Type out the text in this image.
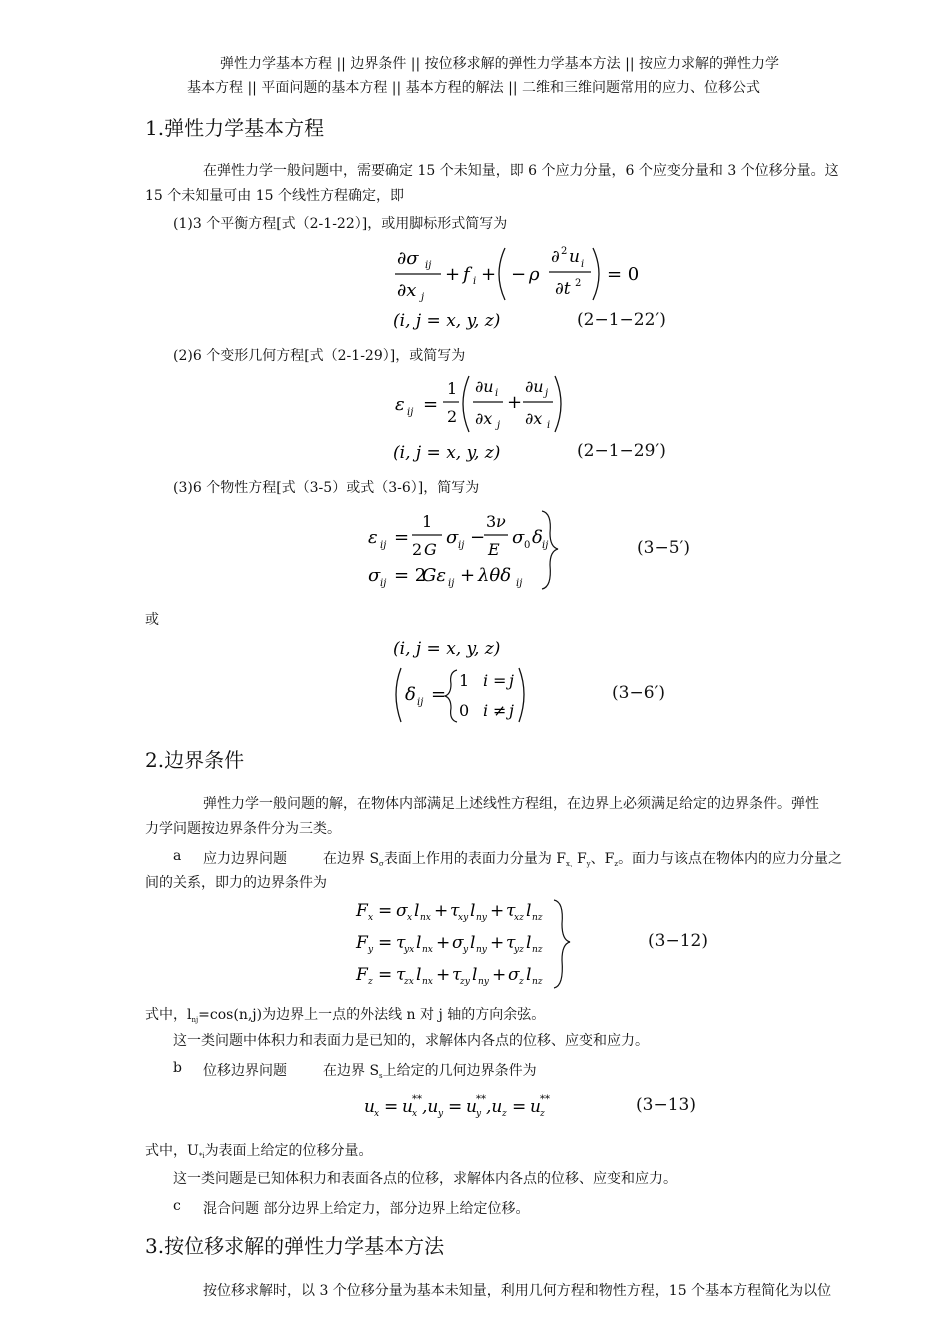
弹性力学基本方程 || 边界条件 || 按位移求解的弹性力学基本方法 || 按应力求解的弹性力学
基本方程 || 平面问题的基本方程 || 基本方程的解法 || 二维和三维问题常用的应力、位移公式
1.弹性力学基本方程
在弹性力学一般问题中，需要确定 15 个未知量，即 6 个应力分量，6 个应变分量和 3 个位移分量。这
15 个未知量可由 15 个线性方程确定，即
(1)3 个平衡方程[式（2-1-22）]，或用脚标形式简写为
∂σ ij
∂x j
+ f i + − ρ
∂ 2 u i
∂t 2 = 0
(i, j = x, y, z)	(2−1−22′)
(2)6 个变形几何方程[式（2-1-29）]，或简写为
ε ij =
1
2
∂u i
∂x j
+
∂u j
∂x i
(i, j = x, y, z)	(2−1−29′)
(3)6 个物性方程[式（3-5）或式（3-6）]，简写为
ε ij =
1
2 G
σ ij −
3 ν
E
σ 0 δ ij
σ ij = 2
Gε ij + λθδ ij
(3−5′)
或
(i, j = x, y, z)
δ ij =
1 i = j
0 i ≠ j
(3−6′)
2.边界条件
弹性力学一般问题的解，在物体内部满足上述线性方程组，在边界上必须满足给定的边界条件。弹性
力学问题按边界条件分为三类。
a 应力边界问题	在边界 $S_\sigma$表面上作用的表面力分量为 $F_{x、}F_y$、$F_z$。面力与该点在物体内的应力分量之
间的关系，即力的边界条件为
F x = σ x l nx + τ
xy l ny + τ
xz l nz
F y = τ
yx l nx + σ y l ny + τ
yz l nz
F z = τ
zx l nx + τ
zy l ny + σ z l nz
(3−12)
式中，$l_{nj}=\cos(n,j)$为边界上一点的外法线 n 对 j 轴的方向余弦。
这一类问题中体积力和表面力是已知的，求解体内各点的位移、应变和应力。
b 位移边界问题	在边界 $S_s$上给定的几何边界条件为
u x = u **
x ,u y = u **
y ,u z = u **
z	(3−13)
式中，$U_{*i}$为表面上给定的位移分量。
这一类问题是已知体积力和表面各点的位移，求解体内各点的位移、应变和应力。
c 混合问题 部分边界上给定力，部分边界上给定位移。
3.按位移求解的弹性力学基本方法
按位移求解时，以 3 个位移分量为基本未知量，利用几何方程和物性方程，15 个基本方程简化为以位
